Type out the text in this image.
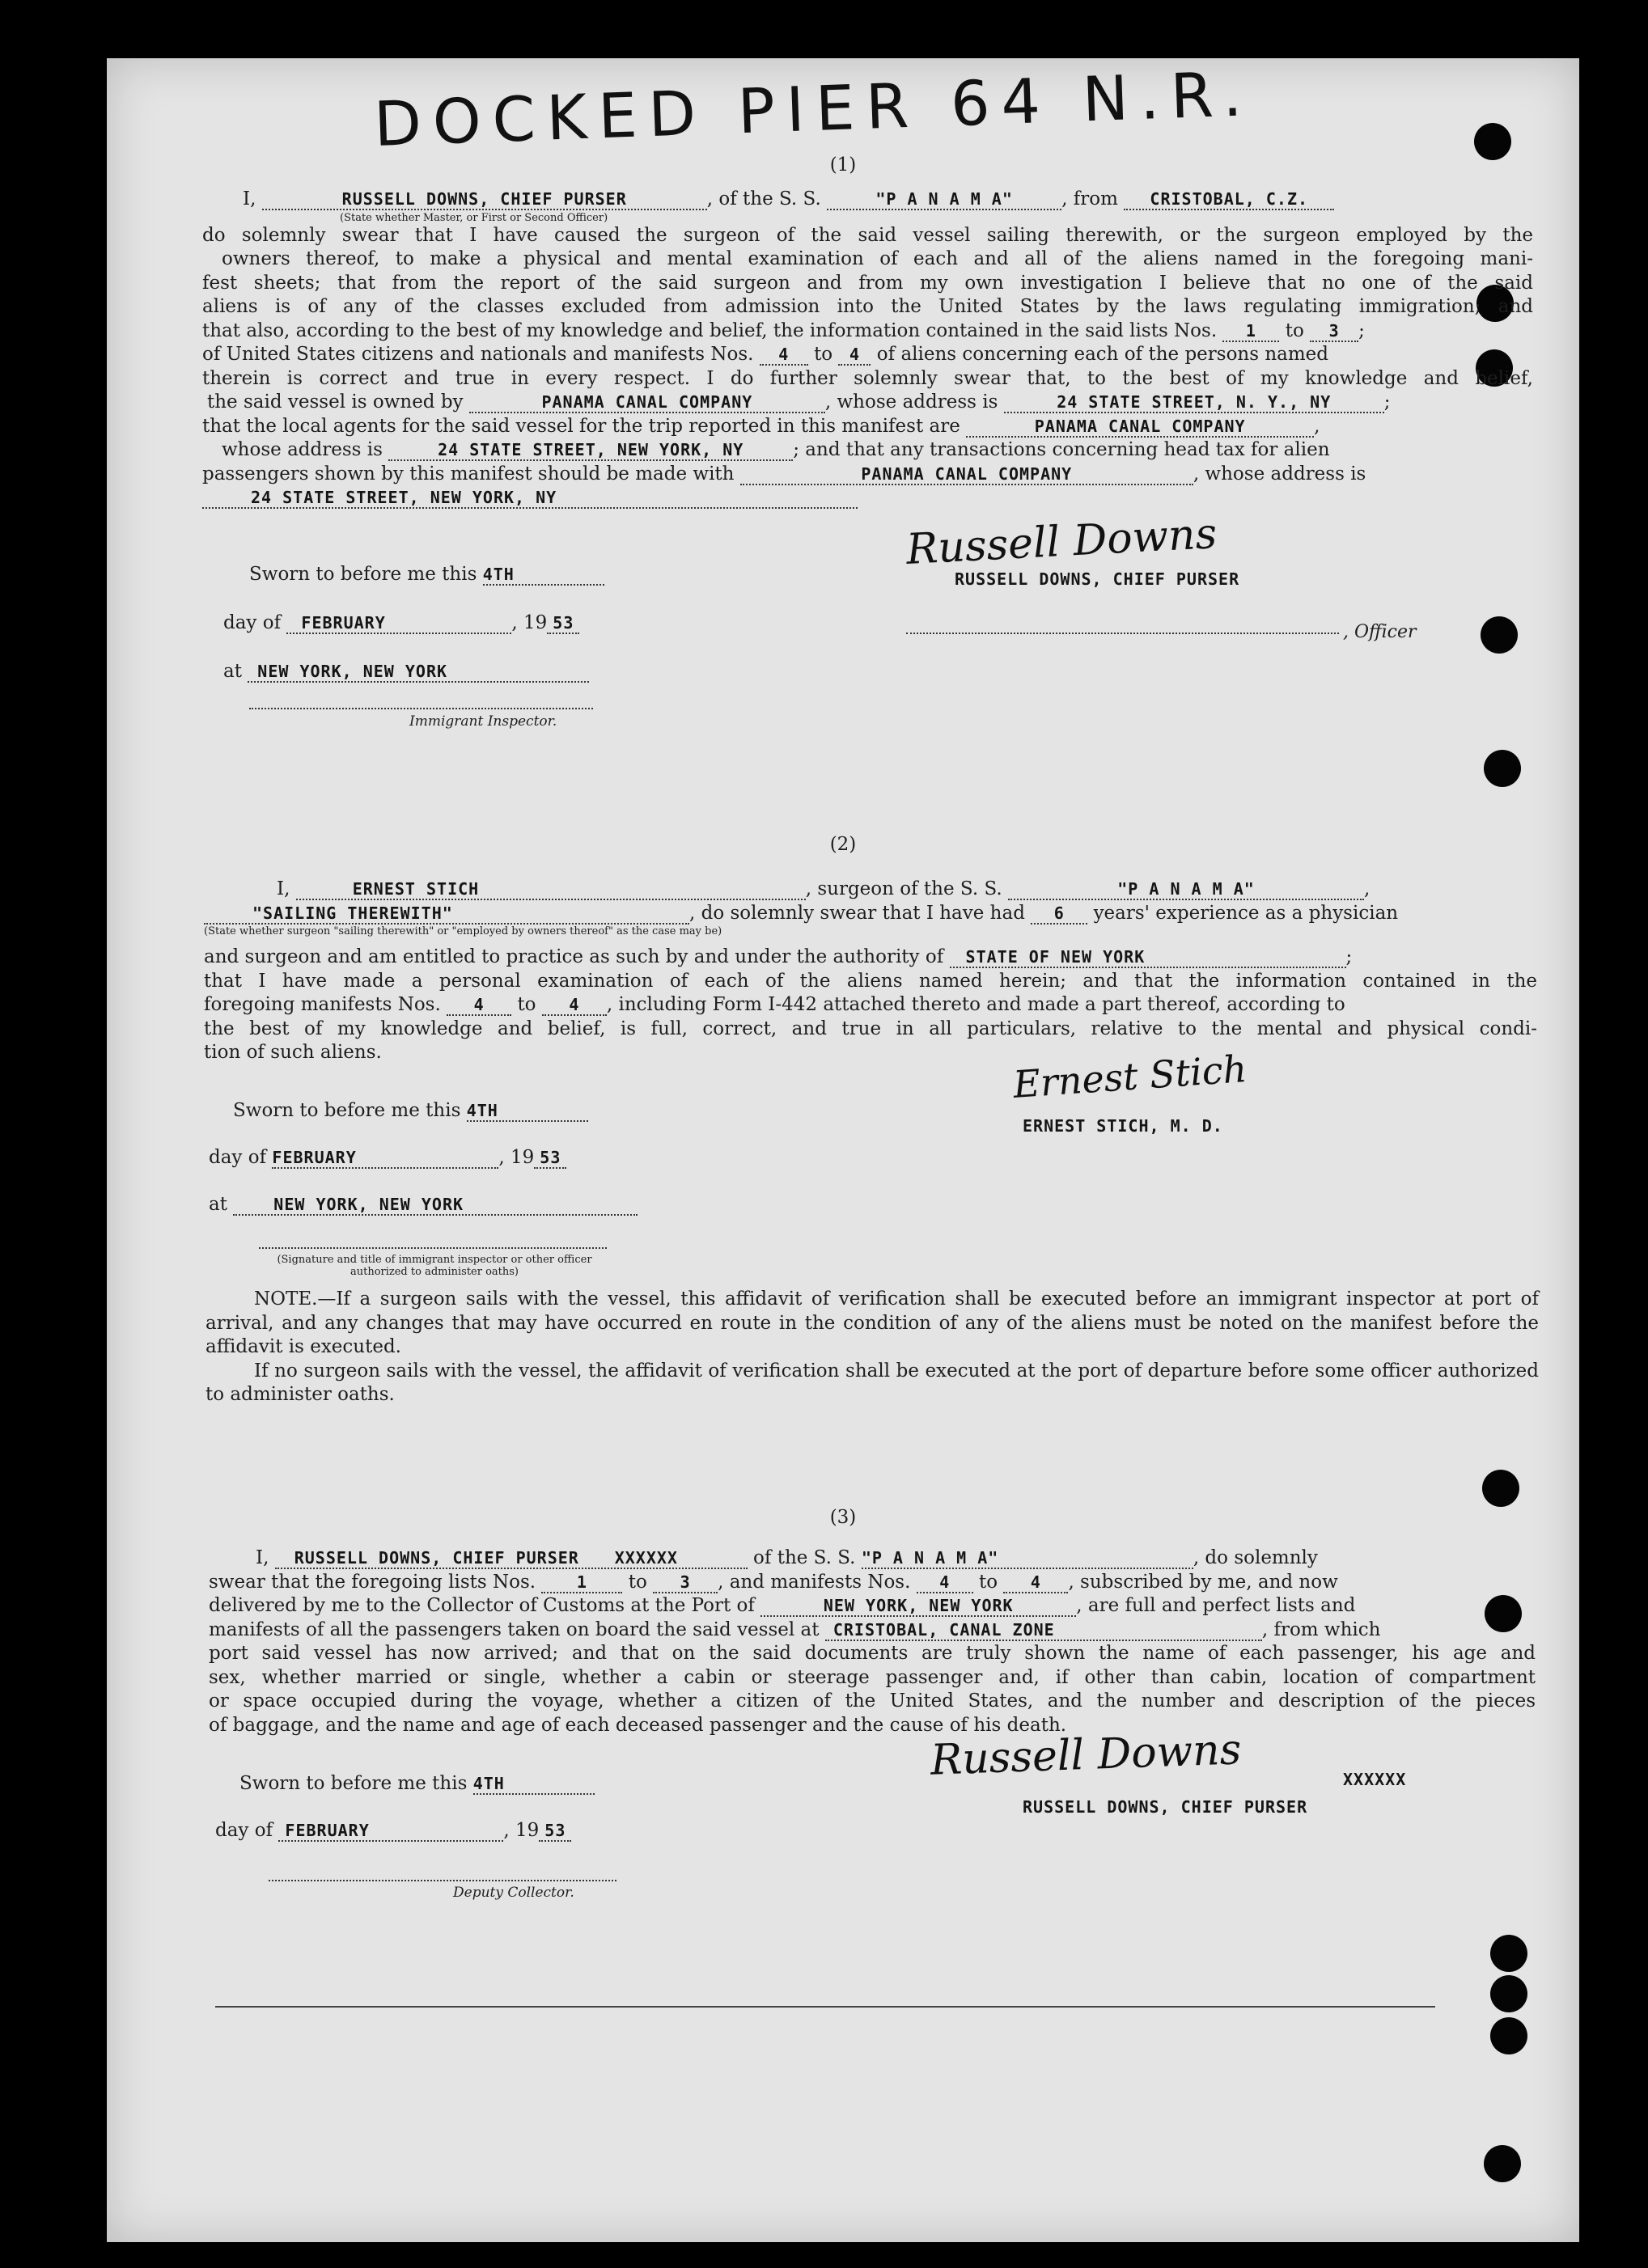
DOCKED PIER 64 N.R.
(1)
I,	RUSSELL DOWNS, CHIEF PURSER	, of the S. S.	"P A N A M A"	, from CRISTOBAL, C.Z.
(State whether Master, or First or Second Officer)
do solemnly swear that I have caused the surgeon of the said vessel sailing therewith, or the surgeon employed by the
owners thereof, to make a physical and mental examination of each and all of the aliens named in the foregoing mani-
fest sheets; that from the report of the said surgeon and from my own investigation I believe that no one of the said
aliens is of any of the classes excluded from admission into the United States by the laws regulating immigration; and
that also, according to the best of my knowledge and belief, the information contained in the said lists Nos. 1 to 3 ;
of United States citizens and nationals and manifests Nos. 4 to 4 of aliens concerning each of the persons named
therein is correct and true in every respect. I do further solemnly swear that, to the best of my knowledge and belief,
the said vessel is owned by	PANAMA CANAL COMPANY	, whose address is	24 STATE STREET, N. Y., NY	;
that the local agents for the said vessel for the trip reported in this manifest are	PANAMA CANAL COMPANY	,
whose address is	24 STATE STREET, NEW YORK, NY	; and that any transactions concerning head tax for alien
passengers shown by this manifest should be made with	PANAMA CANAL COMPANY	, whose address is
24 STATE STREET, NEW YORK, NY
Sworn to before me this 4TH
day of FEBRUARY	, 19 53
at NEW YORK, NEW YORK
Immigrant Inspector.
Russell Downs
RUSSELL DOWNS, CHIEF PURSER
, Officer
(2)
I,	ERNEST STICH	, surgeon of the S. S.	"P A N A M A"	,
"SAILING THEREWITH"	, do solemnly swear that I have had 6 years' experience as a physician
(State whether surgeon "sailing therewith" or "employed by owners thereof" as the case may be)
and surgeon and am entitled to practice as such by and under the authority of STATE OF NEW YORK	;
that I have made a personal examination of each of the aliens named herein; and that the information contained in the
foregoing manifests Nos. 4 to 4 , including Form I-442 attached thereto and made a part thereof, according to
the best of my knowledge and belief, is full, correct, and true in all particulars, relative to the mental and physical condi-
tion of such aliens.
Sworn to before me this 4TH
day of FEBRUARY	, 19 53
at	NEW YORK, NEW YORK
(Signature and title of immigrant inspector or other officer authorized to administer oaths)
Ernest Stich
ERNEST STICH, M. D.
NOTE.—If a surgeon sails with the vessel, this affidavit of verification shall be executed before an immigrant inspector at port of arrival, and any changes that may have occurred en route in the condition of any of the aliens must be noted on the manifest before the affidavit is executed.
If no surgeon sails with the vessel, the affidavit of verification shall be executed at the port of departure before some officer authorized to administer oaths.
(3)
I, RUSSELL DOWNS, CHIEF PURSER XXXXXX	of the S. S. "P A N A M A"	, do solemnly
swear that the foregoing lists Nos.	1 to 3 , and manifests Nos. 4 to 4 , subscribed by me, and now
delivered by me to the Collector of Customs at the Port of	NEW YORK, NEW YORK	, are full and perfect lists and
manifests of all the passengers taken on board the said vessel at CRISTOBAL, CANAL ZONE	, from which
port said vessel has now arrived; and that on the said documents are truly shown the name of each passenger, his age and
sex, whether married or single, whether a cabin or steerage passenger and, if other than cabin, location of compartment
or space occupied during the voyage, whether a citizen of the United States, and the number and description of the pieces
of baggage, and the name and age of each deceased passenger and the cause of his death.
Sworn to before me this 4TH
day of FEBRUARY	, 19 53
Deputy Collector.
Russell Downs	XXXXXX
RUSSELL DOWNS, CHIEF PURSER
